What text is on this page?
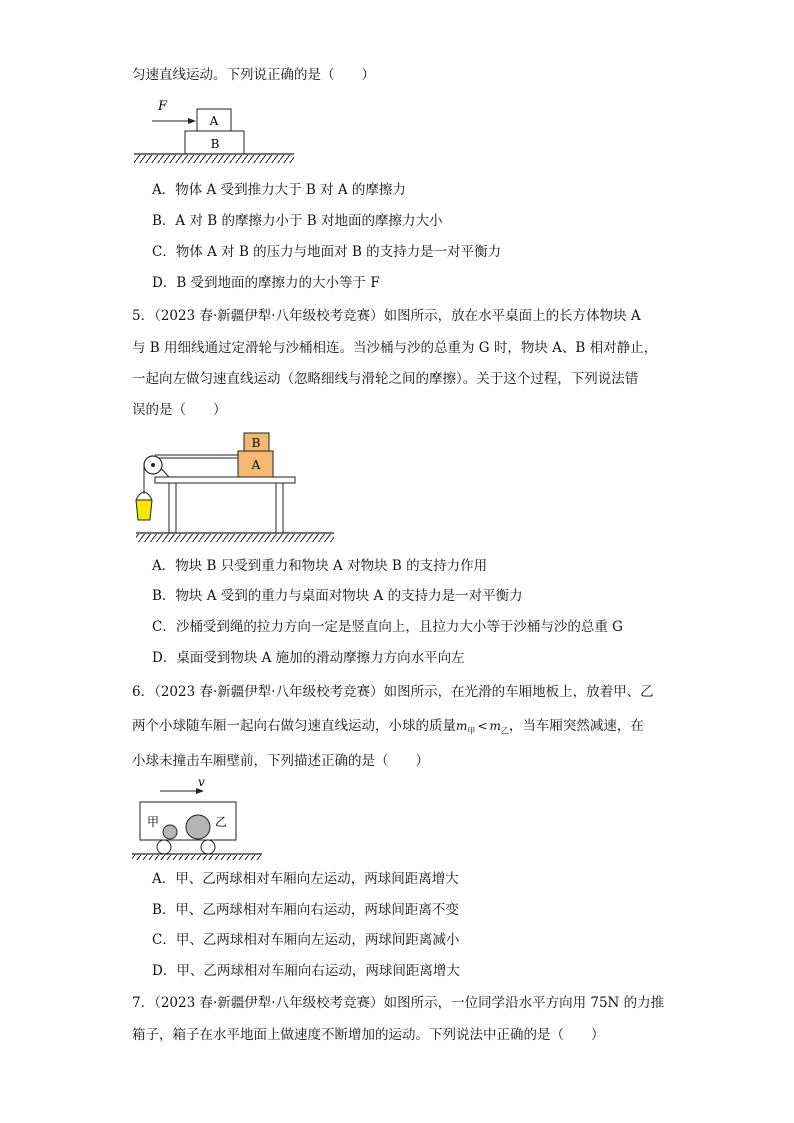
匀速直线运动。下列说正确的是（　　）
F
A
B
A．物体 A 受到推力大于 B 对 A 的摩擦力
B．A 对 B 的摩擦力小于 B 对地面的摩擦力大小
C．物体 A 对 B 的压力与地面对 B 的支持力是一对平衡力
D．B 受到地面的摩擦力的大小等于 F
5．（2023 春·新疆伊犁·八年级校考竞赛）如图所示，放在水平桌面上的长方体物块 A
与 B 用细线通过定滑轮与沙桶相连。当沙桶与沙的总重为 G 时，物块 A、B 相对静止，
一起向左做匀速直线运动（忽略细线与滑轮之间的摩擦）。关于这个过程，下列说法错
误的是（　　）
B
A
A．物块 B 只受到重力和物块 A 对物块 B 的支持力作用
B．物块 A 受到的重力与桌面对物块 A 的支持力是一对平衡力
C．沙桶受到绳的拉力方向一定是竖直向上，且拉力大小等于沙桶与沙的总重 G
D．桌面受到物块 A 施加的滑动摩擦力方向水平向左
6．（2023 春·新疆伊犁·八年级校考竞赛）如图所示，在光滑的车厢地板上，放着甲、乙
两个小球随车厢一起向右做匀速直线运动，小球的质量$m_甲 < m_乙$，当车厢突然减速，在
小球未撞击车厢壁前，下列描述正确的是（　　）
v
甲	乙
A．甲、乙两球相对车厢向左运动，两球间距离增大
B．甲、乙两球相对车厢向右运动，两球间距离不变
C．甲、乙两球相对车厢向左运动，两球间距离减小
D．甲、乙两球相对车厢向右运动，两球间距离增大
7．（2023 春·新疆伊犁·八年级校考竞赛）如图所示，一位同学沿水平方向用 75N 的力推
箱子，箱子在水平地面上做速度不断增加的运动。下列说法中正确的是（　　）
